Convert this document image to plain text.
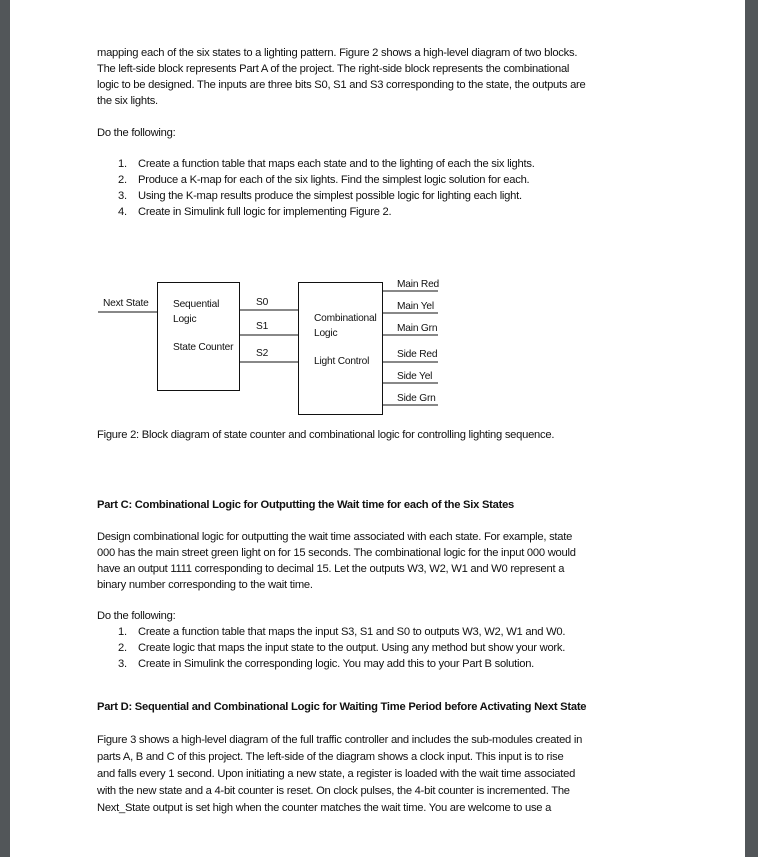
mapping each of the six states to a lighting pattern. Figure 2 shows a high-level diagram of two blocks.
The left-side block represents Part A of the project. The right-side block represents the combinational
logic to be designed. The inputs are three bits S0, S1 and S3 corresponding to the state, the outputs are
the six lights.
Do the following:
1. Create a function table that maps each state and to the lighting of each the six lights.
2. Produce a K-map for each of the six lights. Find the simplest logic solution for each.
3. Using the K-map results produce the simplest possible logic for lighting each light.
4. Create in Simulink full logic for implementing Figure 2.
Next State Sequential
Logic
State Counter
S0
S1
S2
Combinational
Logic
Light Control
Main Red
Main Yel
Main Grn
Side Red
Side Yel
Side Grn
Figure 2: Block diagram of state counter and combinational logic for controlling lighting sequence.
Part C: Combinational Logic for Outputting the Wait time for each of the Six States
Design combinational logic for outputting the wait time associated with each state. For example, state
000 has the main street green light on for 15 seconds. The combinational logic for the input 000 would
have an output 1111 corresponding to decimal 15. Let the outputs W3, W2, W1 and W0 represent a
binary number corresponding to the wait time.
Do the following:
1. Create a function table that maps the input S3, S1 and S0 to outputs W3, W2, W1 and W0.
2. Create logic that maps the input state to the output. Using any method but show your work.
3. Create in Simulink the corresponding logic. You may add this to your Part B solution.
Part D: Sequential and Combinational Logic for Waiting Time Period before Activating Next State
Figure 3 shows a high-level diagram of the full traffic controller and includes the sub-modules created in
parts A, B and C of this project. The left-side of the diagram shows a clock input. This input is to rise
and falls every 1 second. Upon initiating a new state, a register is loaded with the wait time associated
with the new state and a 4-bit counter is reset. On clock pulses, the 4-bit counter is incremented. The
Next_State output is set high when the counter matches the wait time. You are welcome to use a
